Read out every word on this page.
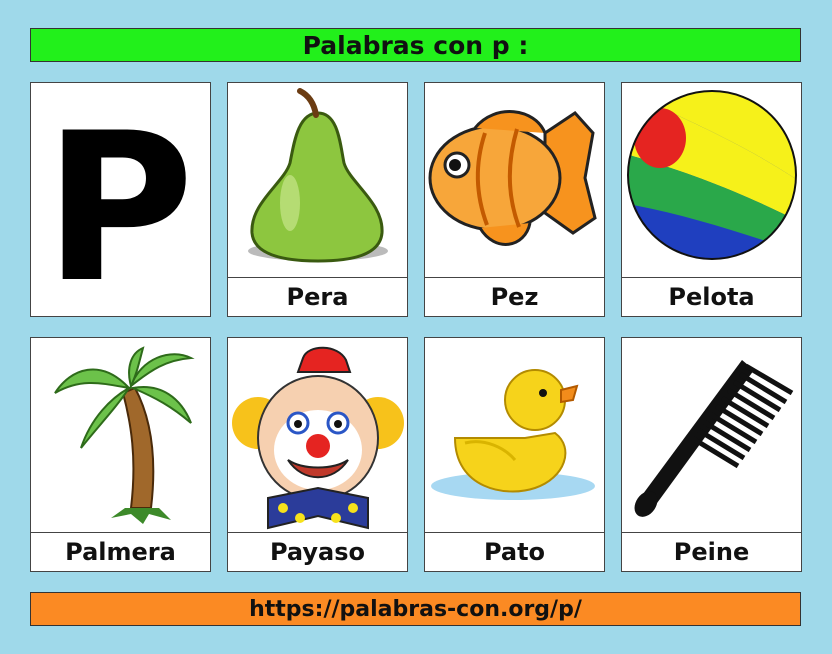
Palabras con p :
P	Pera	Pez	Pelota
Palmera	Payaso	Pato	Peine
https://palabras-con.org/p/
